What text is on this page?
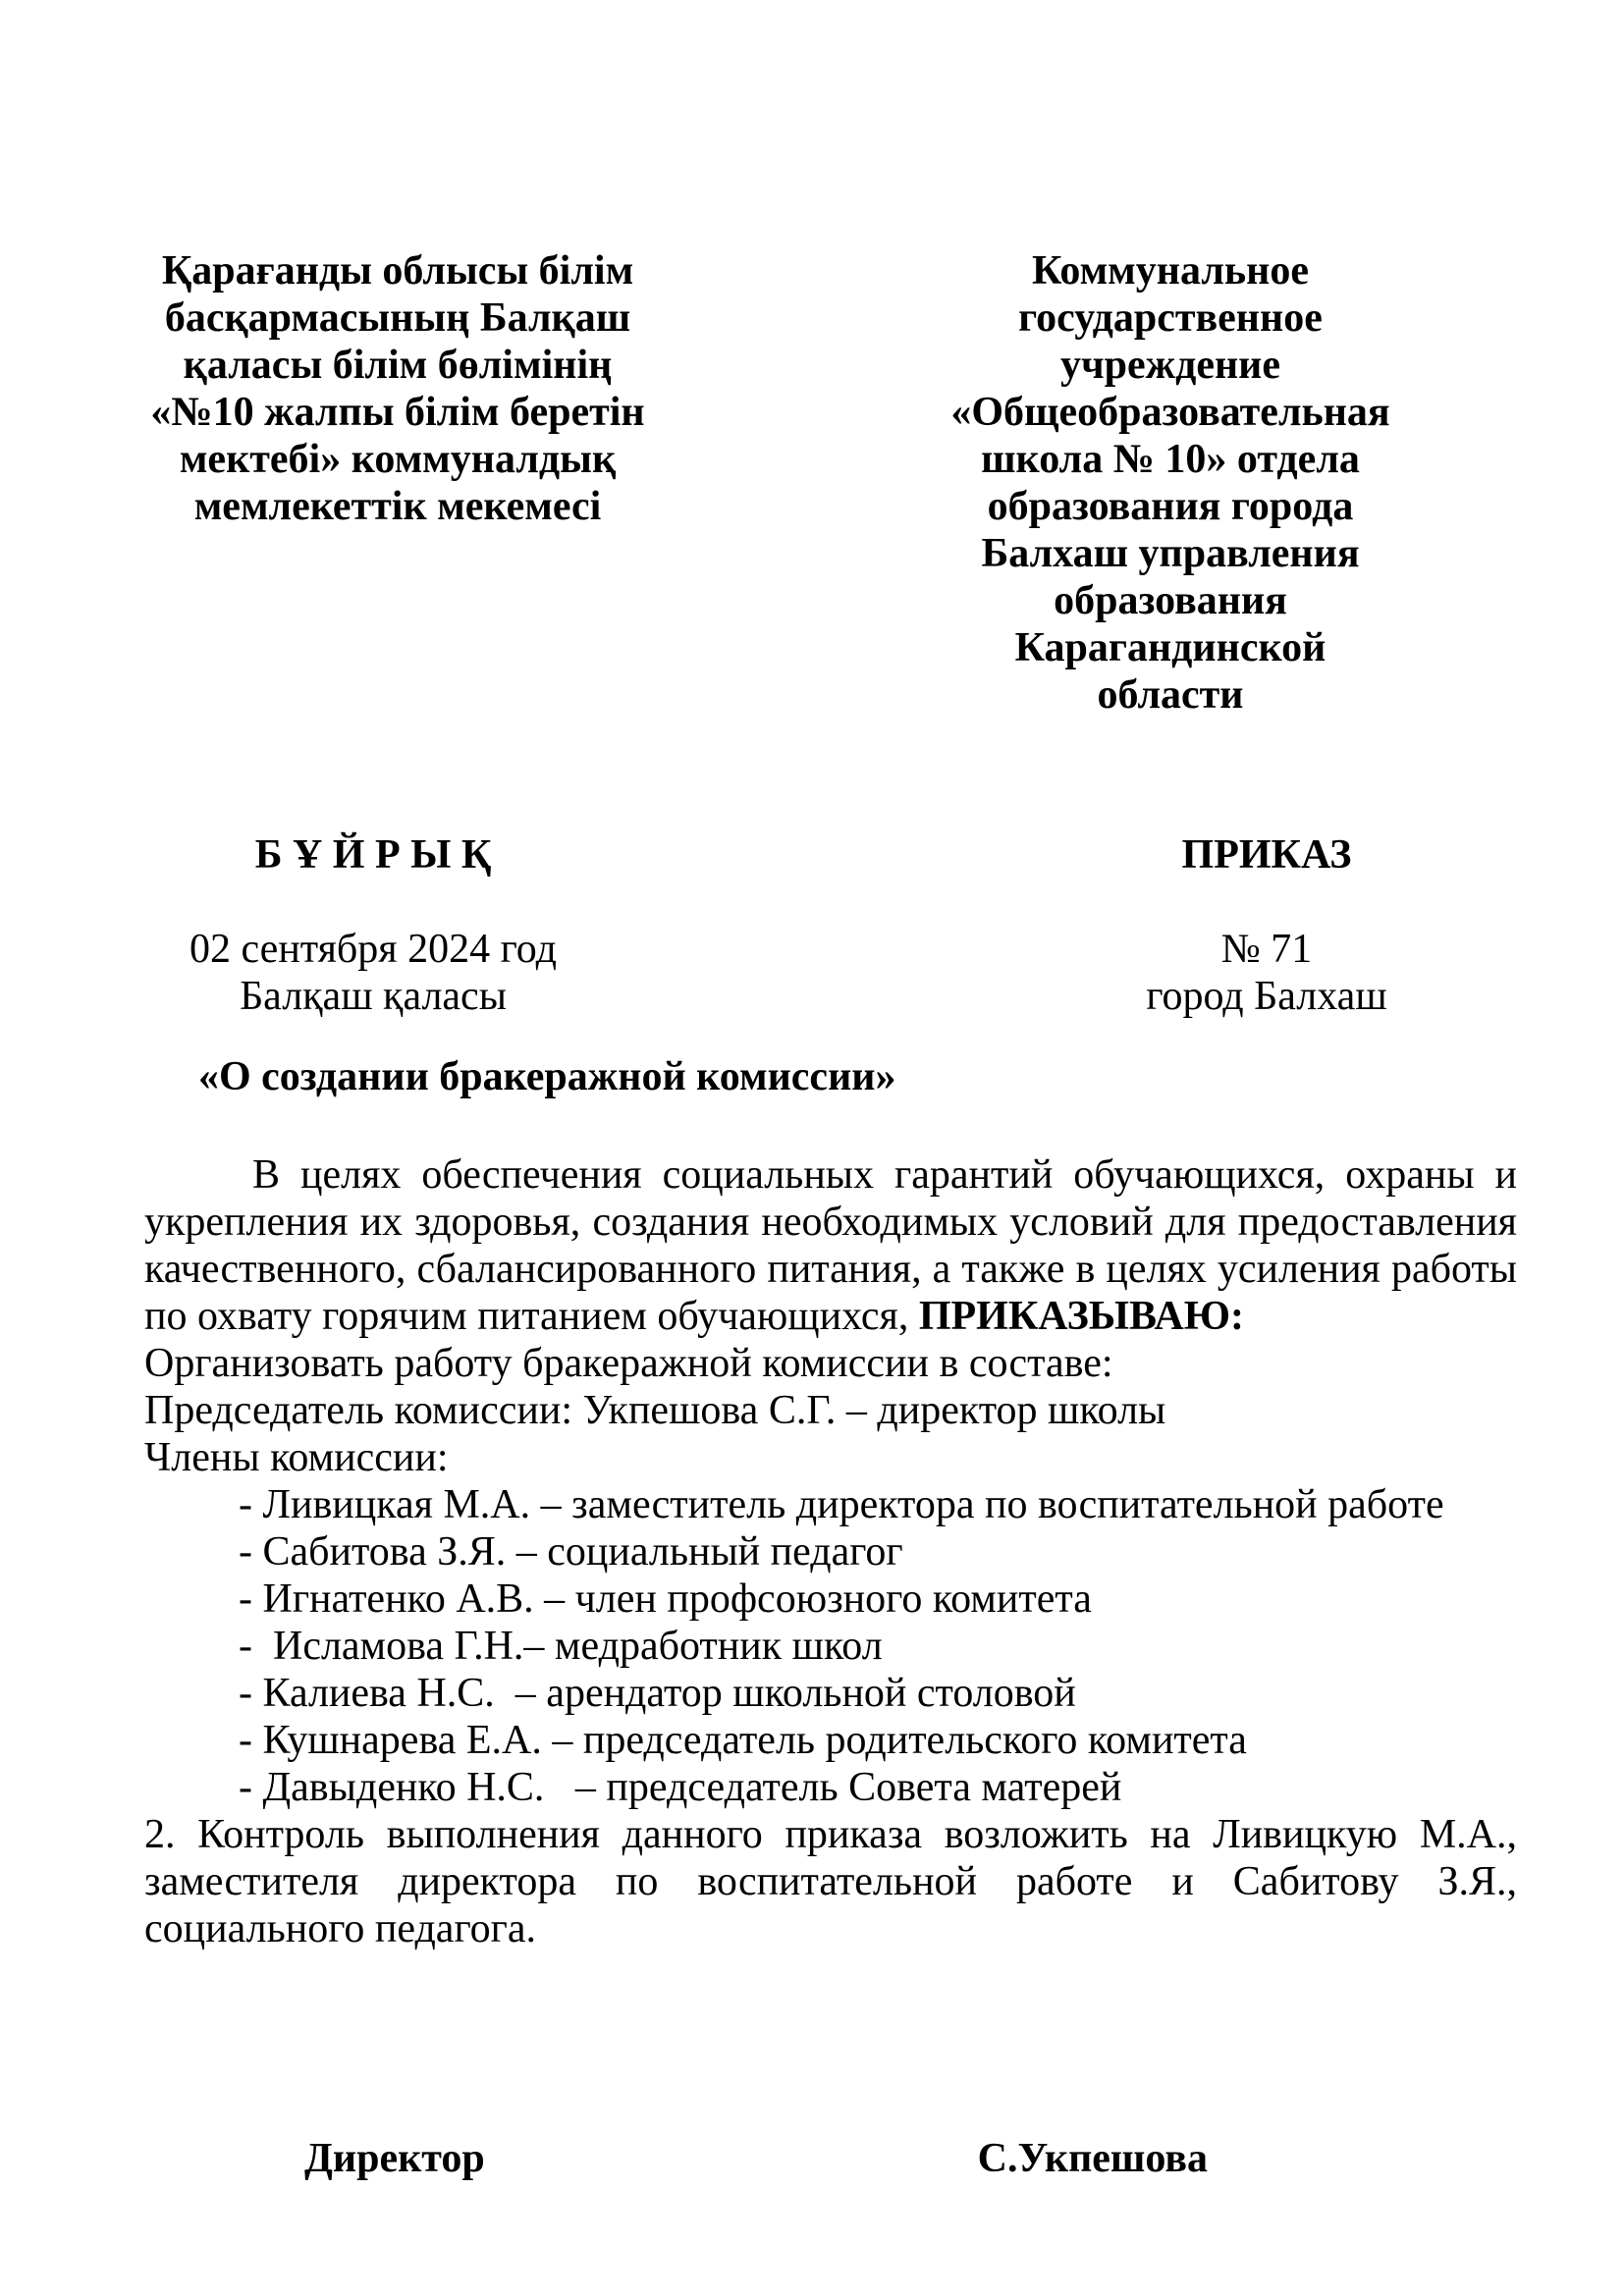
Қарағанды облысы білім басқармасының Балқаш қаласы білім бөлімінің «№10 жалпы білім беретін мектебі» коммуналдық мемлекеттік мекемесі
Коммунальное государственное учреждение «Общеобразовательная школа № 10» отдела образования города Балхаш управления образования Карагандинской области
Б Ұ Й Р Ы Қ	ПРИКАЗ
02 сентября 2024 год	№ 71
Балқаш қаласы	город Балхаш
«О создании бракеражной комиссии»

В целях обеспечения социальных гарантий обучающихся, охраны и укрепления их здоровья, создания необходимых условий для предоставления качественного, сбалансированного питания, а также в целях усиления работы по охвату горячим питанием обучающихся, ПРИКАЗЫВАЮ:

Организовать работу бракеражной комиссии в составе:

Председатель комиссии: Укпешова С.Г. – директор школы

Члены комиссии:

- Ливицкая М.А. – заместитель директора по воспитательной работе

- Сабитова З.Я. – социальный педагог

- Игнатенко А.В. – член профсоюзного комитета

-  Исламова Г.Н.– медработник школ

- Калиева Н.С.  – арендатор школьной столовой

- Кушнарева Е.А. – председатель родительского комитета

- Давыденко Н.С.   – председатель Совета матерей

2. Контроль выполнения данного приказа возложить на Ливицкую М.А., заместителя директора по воспитательной работе и Сабитову З.Я., социального педагога.

Директор	С.Укпешова
